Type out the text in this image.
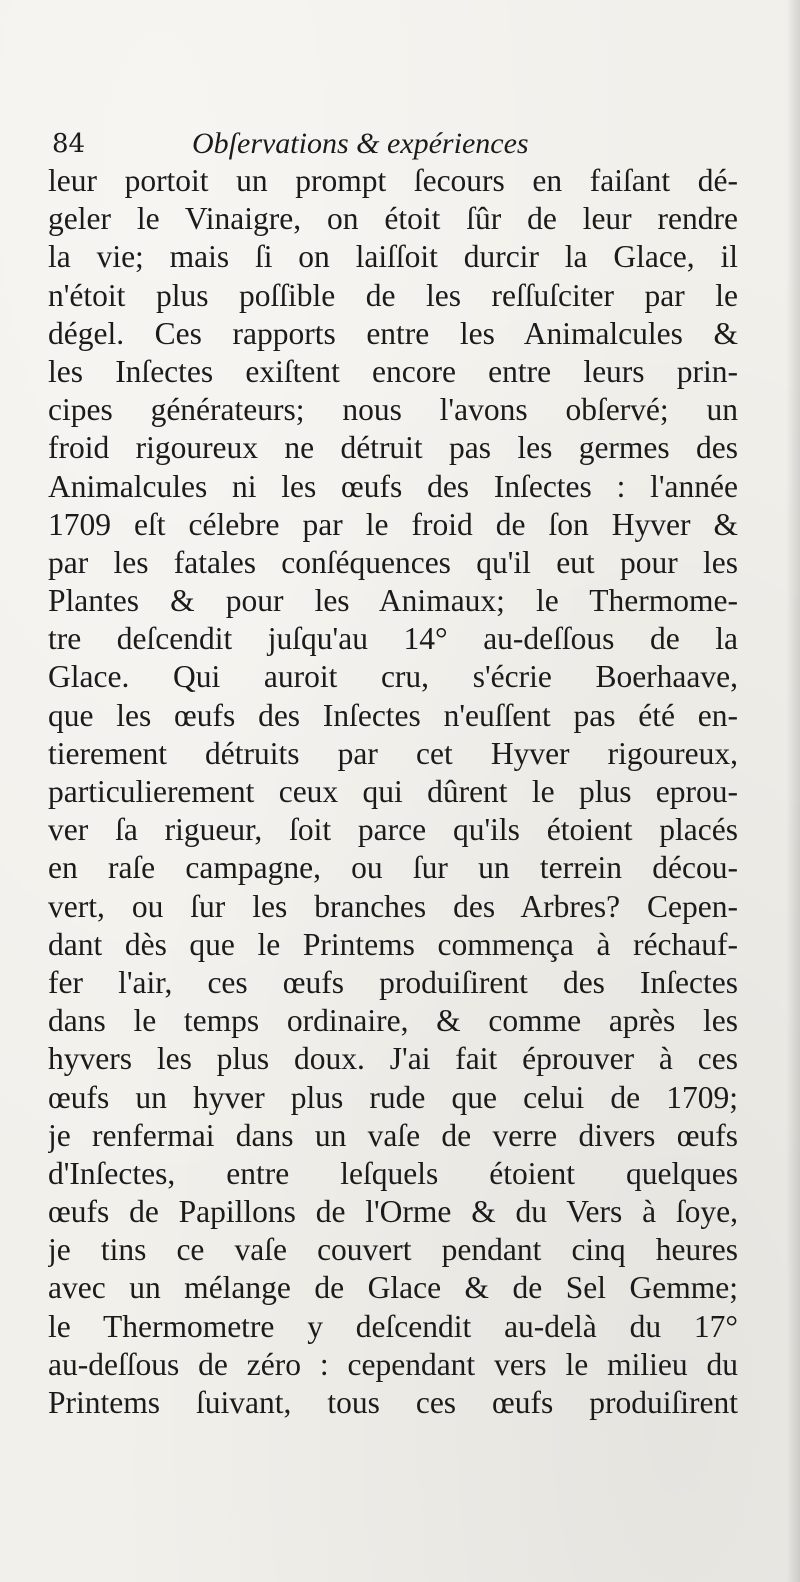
84	Obſervations & expériences
leur portoit un prompt ſecours en faiſant dé-
geler le Vinaigre, on étoit ſûr de leur rendre
la vie; mais ſi on laiſſoit durcir la Glace, il
n'étoit plus poſſible de les reſſuſciter par le
dégel. Ces rapports entre les Animalcules &
les Inſectes exiſtent encore entre leurs prin-
cipes générateurs; nous l'avons obſervé; un
froid rigoureux ne détruit pas les germes des
Animalcules ni les œufs des Inſectes : l'année
1709 eſt célebre par le froid de ſon Hyver &
par les fatales conſéquences qu'il eut pour les
Plantes & pour les Animaux; le Thermome-
tre deſcendit juſqu'au 14° au-deſſous de la
Glace. Qui auroit cru, s'écrie Boerhaave,
que les œufs des Inſectes n'euſſent pas été en-
tierement détruits par cet Hyver rigoureux,
particulierement ceux qui dûrent le plus eprou-
ver ſa rigueur, ſoit parce qu'ils étoient placés
en raſe campagne, ou ſur un terrein décou-
vert, ou ſur les branches des Arbres? Cepen-
dant dès que le Printems commença à réchauf-
fer l'air, ces œufs produiſirent des Inſectes
dans le temps ordinaire, & comme après les
hyvers les plus doux. J'ai fait éprouver à ces
œufs un hyver plus rude que celui de 1709;
je renfermai dans un vaſe de verre divers œufs
d'Inſectes, entre leſquels étoient quelques
œufs de Papillons de l'Orme & du Vers à ſoye,
je tins ce vaſe couvert pendant cinq heures
avec un mélange de Glace & de Sel Gemme;
le Thermometre y deſcendit au-delà du 17°
au-deſſous de zéro : cependant vers le milieu du
Printems ſuivant, tous ces œufs produiſirent
